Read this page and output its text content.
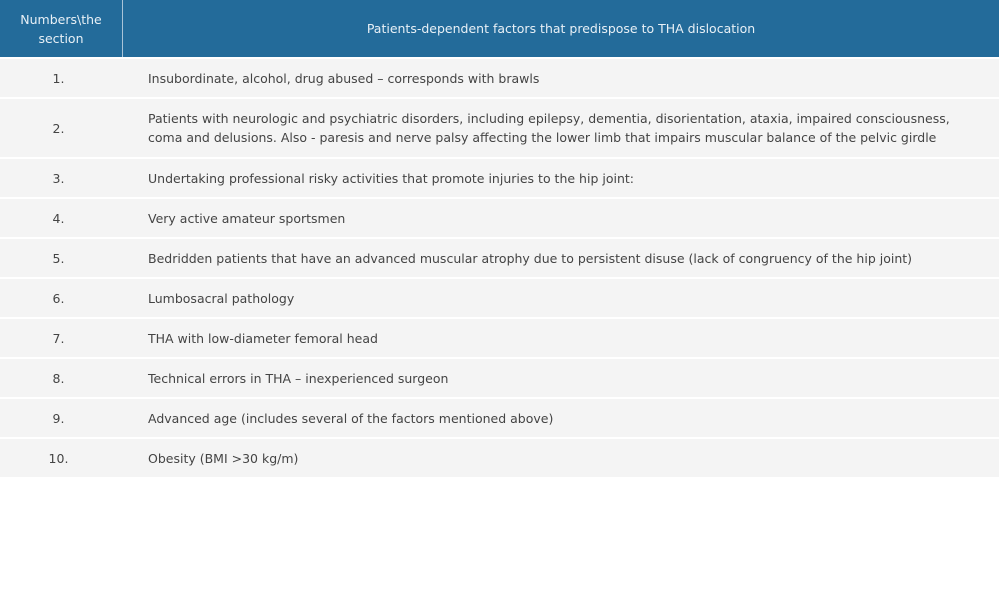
Numbers\the section	Patients-dependent factors that predispose to THA dislocation
1.	Insubordinate, alcohol, drug abused – corresponds with brawls
2.	Patients with neurologic and psychiatric disorders, including epilepsy, dementia, disorientation, ataxia, impaired consciousness, coma and delusions. Also - paresis and nerve palsy affecting the lower limb that impairs muscular balance of the pelvic girdle
3.	Undertaking professional risky activities that promote injuries to the hip joint:
4.	Very active amateur sportsmen
5.	Bedridden patients that have an advanced muscular atrophy due to persistent disuse (lack of congruency of the hip joint)
6.	Lumbosacral pathology
7.	THA with low-diameter femoral head
8.	Technical errors in THA – inexperienced surgeon
9.	Advanced age (includes several of the factors mentioned above)
10.	Obesity (BMI >30 kg/m)
